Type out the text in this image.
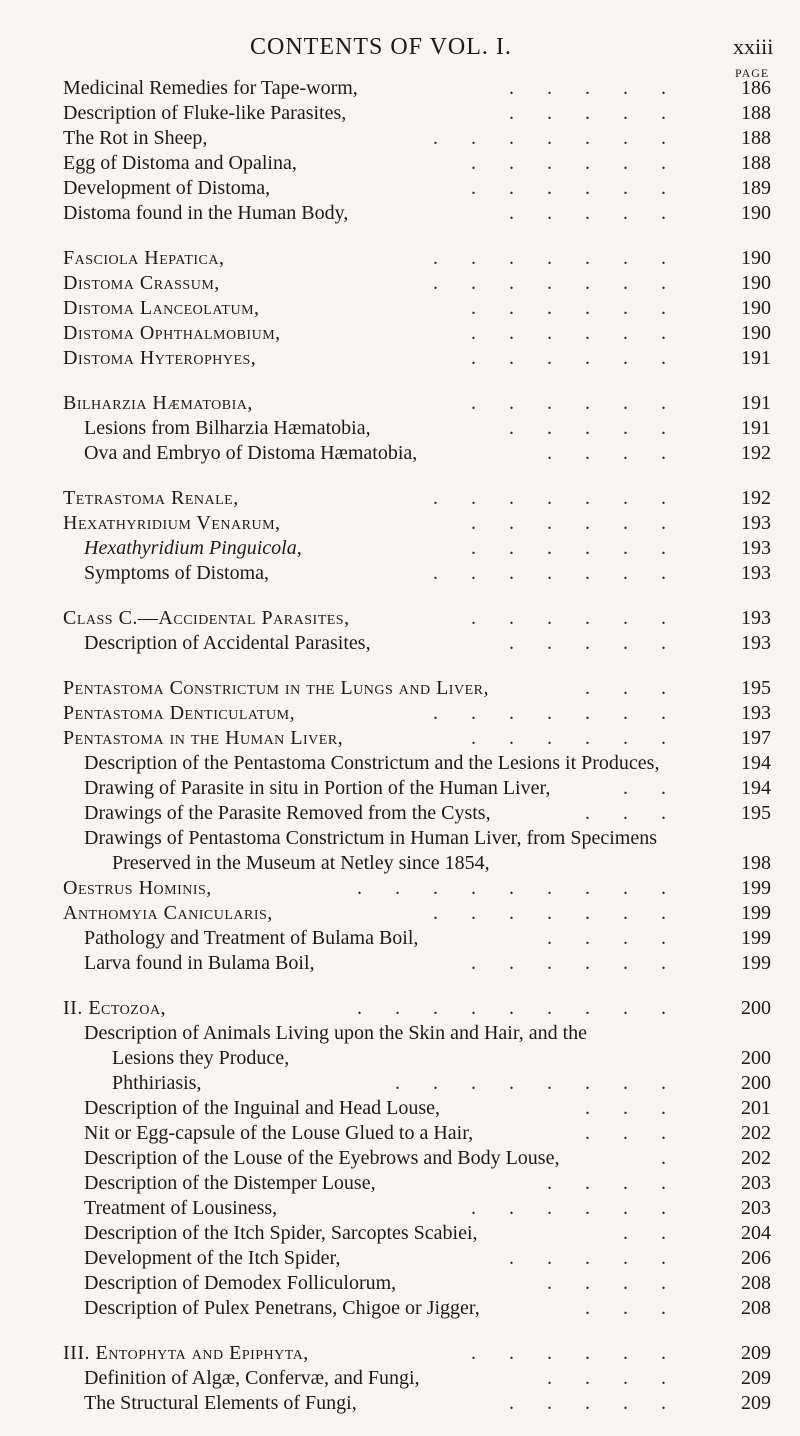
CONTENTS OF VOL. I.	xxiii
PAGE
Medicinal Remedies for Tape-worm,	. . . . .	186
Description of Fluke-like Parasites,	. . . . .	188
The Rot in Sheep,	. . . . . . .	188
Egg of Distoma and Opalina,	. . . . . .	188
Development of Distoma,	. . . . . .	189
Distoma found in the Human Body,	. . . . .	190
Fasciola Hepatica,	. . . . . . .	190
Distoma Crassum,	. . . . . . .	190
Distoma Lanceolatum,	. . . . . .	190
Distoma Ophthalmobium,	. . . . . .	190
Distoma Hyterophyes,	. . . . . .	191
Bilharzia Hæmatobia,	. . . . . .	191
Lesions from Bilharzia Hæmatobia,	. . . . .	191
Ova and Embryo of Distoma Hæmatobia,	. . . .	192
Tetrastoma Renale,	. . . . . . .	192
Hexathyridium Venarum,	. . . . . .	193
Hexathyridium Pinguicola,	. . . . . .	193
Symptoms of Distoma,	. . . . . . .	193
Class C.—Accidental Parasites,	. . . . . .	193
Description of Accidental Parasites,	. . . . .	193
Pentastoma Constrictum in the Lungs and Liver,	. . .	195
Pentastoma Denticulatum,	. . . . . . .	193
Pentastoma in the Human Liver,	. . . . . .	197
Description of the Pentastoma Constrictum and the Lesions it Produces,	194
Drawing of Parasite in situ in Portion of the Human Liver,	. .	194
Drawings of the Parasite Removed from the Cysts,	. . .	195
Drawings of Pentastoma Constrictum in Human Liver, from Specimens
Preserved in the Museum at Netley since 1854,	198
Oestrus Hominis,	. . . . . . . . .	199
Anthomyia Canicularis,	. . . . . . .	199
Pathology and Treatment of Bulama Boil,	. . . .	199
Larva found in Bulama Boil,	. . . . . .	199
II. Ectozoa,	. . . . . . . . .	200
Description of Animals Living upon the Skin and Hair, and the
Lesions they Produce,	200
Phthiriasis,	. . . . . . . .	200
Description of the Inguinal and Head Louse,	. . .	201
Nit or Egg-capsule of the Louse Glued to a Hair,	. . .	202
Description of the Louse of the Eyebrows and Body Louse,	.	202
Description of the Distemper Louse,	. . . .	203
Treatment of Lousiness,	. . . . . .	203
Description of the Itch Spider, Sarcoptes Scabiei,	. .	204
Development of the Itch Spider,	. . . . .	206
Description of Demodex Folliculorum,	. . . .	208
Description of Pulex Penetrans, Chigoe or Jigger,	. . .	208
III. Entophyta and Epiphyta,	. . . . . .	209
Definition of Algæ, Confervæ, and Fungi,	. . . .	209
The Structural Elements of Fungi,	. . . . .	209
